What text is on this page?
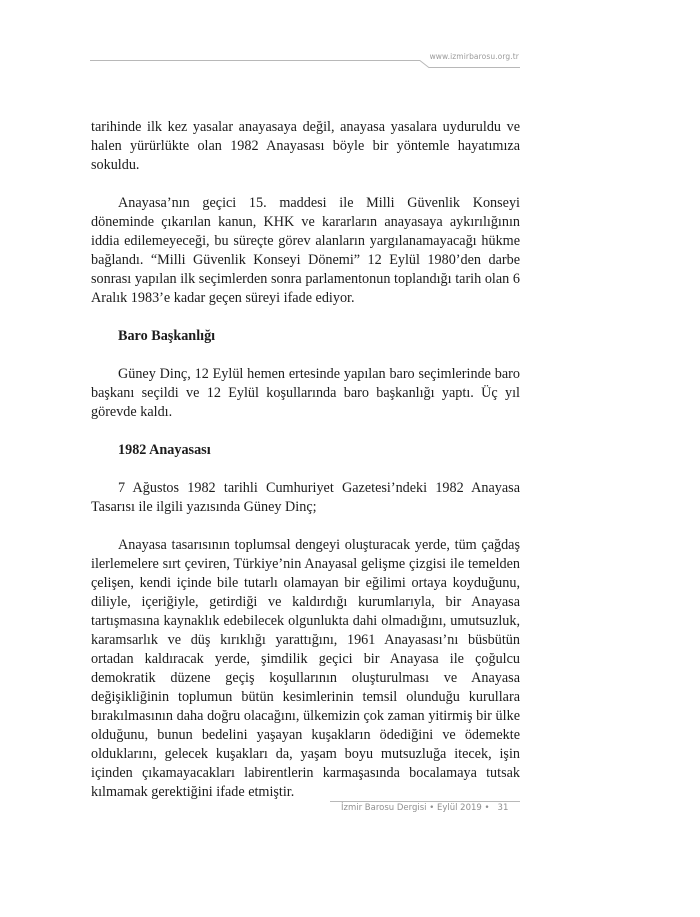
www.izmirbarosu.org.tr

tarihinde ilk kez yasalar anayasaya değil, anayasa yasalara uyduruldu ve halen yürürlükte olan 1982 Anayasası böyle bir yöntemle hayatımıza sokuldu.

Anayasa’nın geçici 15. maddesi ile Milli Güvenlik Konseyi döneminde çıkarılan kanun, KHK ve kararların anayasaya aykırılığının iddia edilemeyeceği, bu süreçte görev alanların yargılanamayacağı hükme bağlandı. “Milli Güvenlik Konseyi Dönemi” 12 Eylül 1980’den darbe sonrası yapılan ilk seçimlerden sonra parlamentonun toplandığı tarih olan 6 Aralık 1983’e kadar geçen süreyi ifade ediyor.

Baro Başkanlığı

Güney Dinç, 12 Eylül hemen ertesinde yapılan baro seçimlerinde baro başkanı seçildi ve 12 Eylül koşullarında baro başkanlığı yaptı. Üç yıl görevde kaldı.

1982 Anayasası

7 Ağustos 1982 tarihli Cumhuriyet Gazetesi’ndeki 1982 Anayasa Tasarısı ile ilgili yazısında Güney Dinç;

Anayasa tasarısının toplumsal dengeyi oluşturacak yerde, tüm çağdaş ilerlemelere sırt çeviren, Türkiye’nin Anayasal gelişme çizgisi ile temelden çelişen, kendi içinde bile tutarlı olamayan bir eğilimi ortaya koyduğunu, diliyle, içeriğiyle, getirdiği ve kaldırdığı kurumlarıyla, bir Anayasa tartışmasına kaynaklık edebilecek olgunlukta dahi olmadığını, umutsuzluk, karamsarlık ve düş kırıklığı yarattığını, 1961 Anayasası’nı büsbütün ortadan kaldıracak yerde, şimdilik geçici bir Anayasa ile çoğulcu demokratik düzene geçiş koşullarının oluşturulması ve Anayasa değişikliğinin toplumun bütün kesimlerinin temsil olunduğu kurullara bırakılmasının daha doğru olacağını, ülkemizin çok zaman yitirmiş bir ülke olduğunu, bunun bedelini yaşayan kuşakların ödediğini ve ödemekte olduklarını, gelecek kuşakları da, yaşam boyu mutsuzluğa itecek, işin içinden çıkamayacakları labirentlerin karmaşasında bocalamaya tutsak kılmamak gerektiğini ifade etmiştir.

İzmir Barosu Dergisi • Eylül 2019 • 31
